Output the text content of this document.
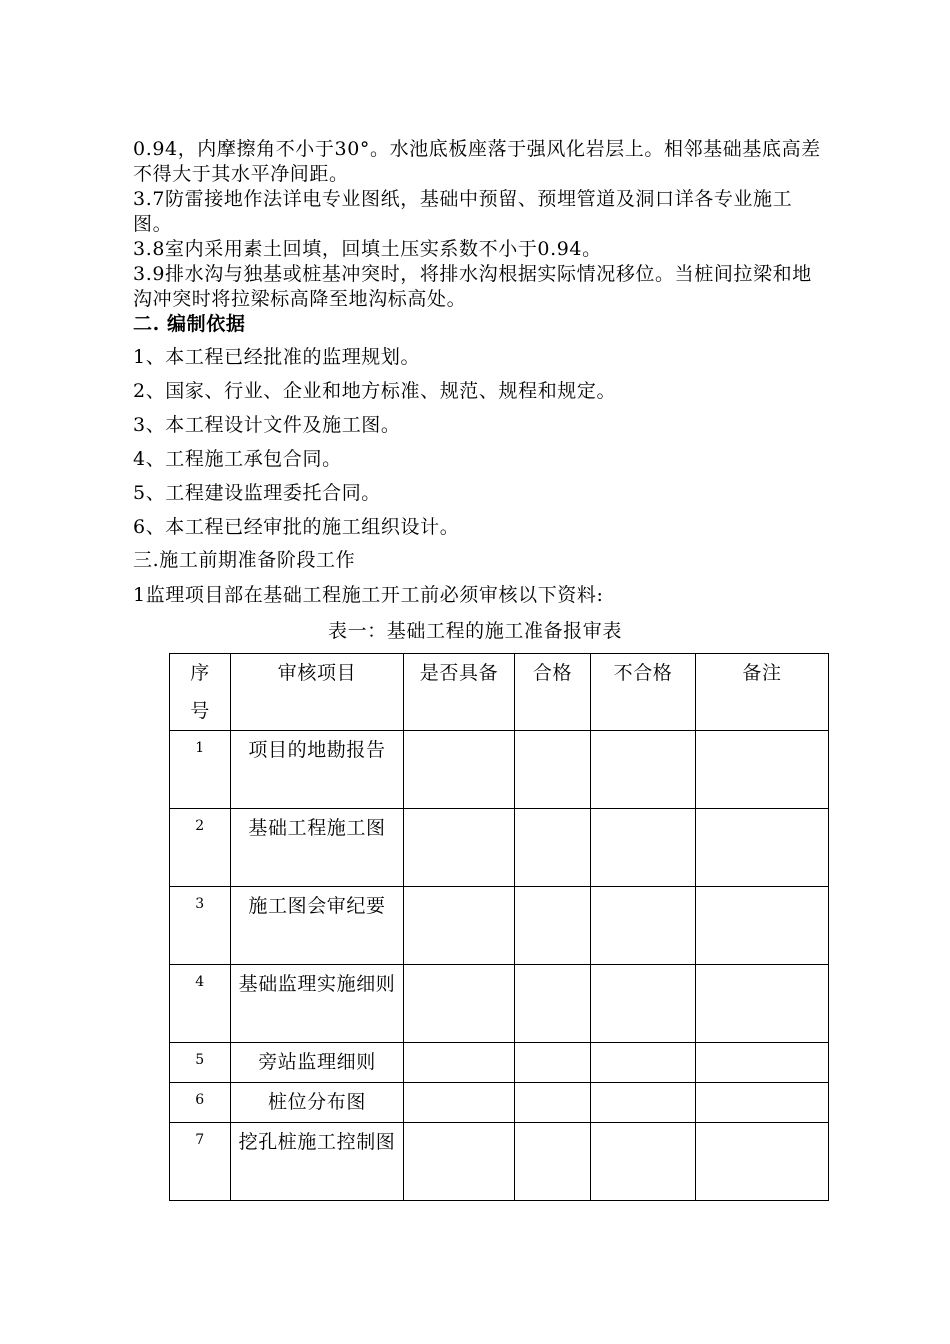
0.94，内摩擦角不小于30°。水池底板座落于强风化岩层上。相邻基础基底高差不得大于其水平净间距。
3.7防雷接地作法详电专业图纸，基础中预留、预埋管道及洞口详各专业施工图。
3.8室内采用素土回填，回填土压实系数不小于0.94。
3.9排水沟与独基或桩基冲突时，将排水沟根据实际情况移位。当桩间拉梁和地沟冲突时将拉梁标高降至地沟标高处。
二. 编制依据
1、本工程已经批准的监理规划。
2、国家、行业、企业和地方标准、规范、规程和规定。
3、本工程设计文件及施工图。
4、工程施工承包合同。
5、工程建设监理委托合同。
6、本工程已经审批的施工组织设计。
三.施工前期准备阶段工作
1监理项目部在基础工程施工开工前必须审核以下资料:
表一：基础工程的施工准备报审表
序号	审核项目	是否具备	合格	不合格	备注
1	项目的地勘报告				
2	基础工程施工图				
3	施工图会审纪要				
4	基础监理实施细则				
5	旁站监理细则				
6	桩位分布图				
7	挖孔桩施工控制图				
